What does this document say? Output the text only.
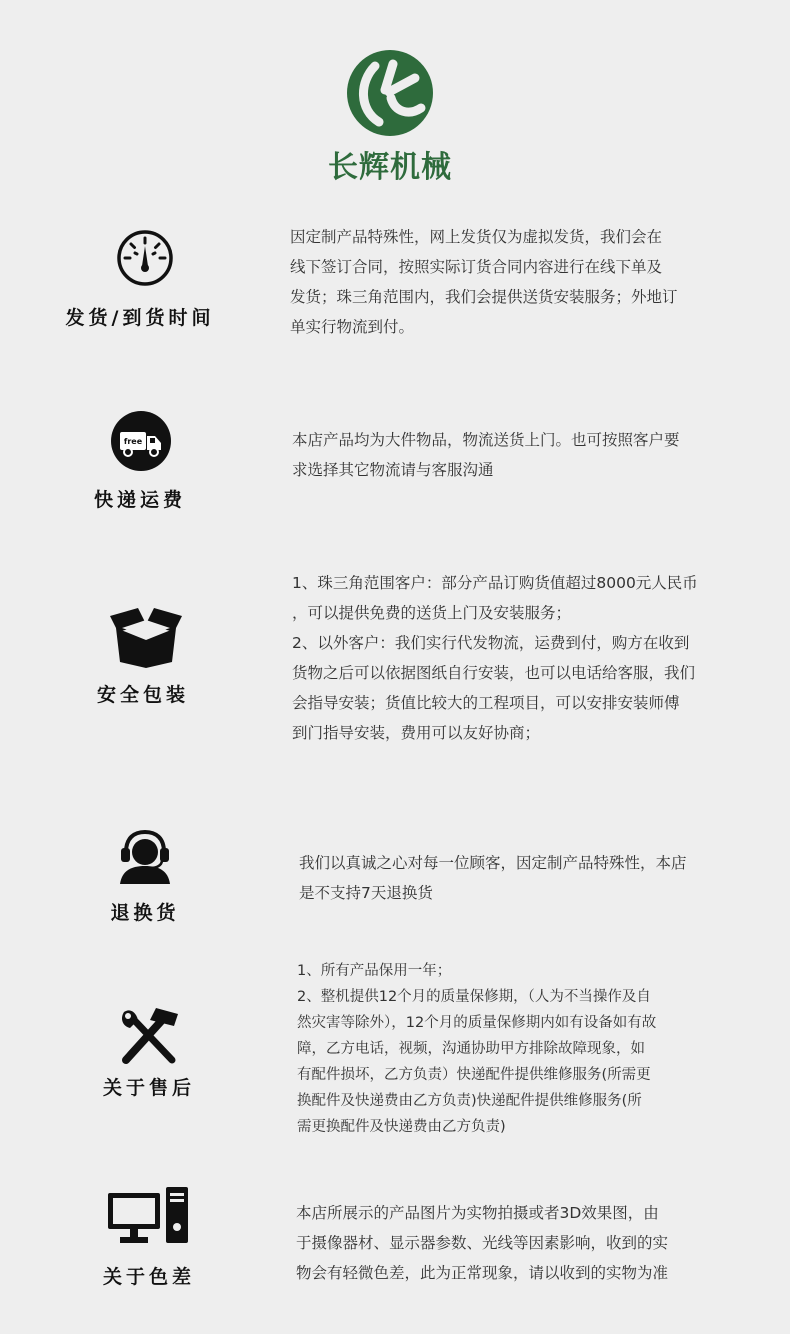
长辉机械
发货/到货时间

因定制产品特殊性，网上发货仅为虚拟发货，我们会在

线下签订合同，按照实际订货合同内容进行在线下单及

发货；珠三角范围内，我们会提供送货安装服务；外地订

单实行物流到付。

free
快递运费

本店产品均为大件物品，物流送货上门。也可按照客户要

求选择其它物流请与客服沟通

安全包装

1、珠三角范围客户：部分产品订购货值超过8000元人民币

，可以提供免费的送货上门及安装服务；

2、以外客户：我们实行代发物流，运费到付，购方在收到

货物之后可以依据图纸自行安装，也可以电话给客服，我们

会指导安装；货值比较大的工程项目，可以安排安装师傅

到门指导安装，费用可以友好协商；

退换货

我们以真诚之心对每一位顾客，因定制产品特殊性，本店

是不支持7天退换货

关于售后

1、所有产品保用一年；

2、整机提供12个月的质量保修期，（人为不当操作及自

然灾害等除外），12个月的质量保修期内如有设备如有故

障，乙方电话，视频，沟通协助甲方排除故障现象，如

有配件损坏，乙方负责）快递配件提供维修服务(所需更

换配件及快递费由乙方负责)快递配件提供维修服务(所

需更换配件及快递费由乙方负责)

关于色差

本店所展示的产品图片为实物拍摄或者3D效果图，由

于摄像器材、显示器参数、光线等因素影响，收到的实

物会有轻微色差，此为正常现象，请以收到的实物为准
